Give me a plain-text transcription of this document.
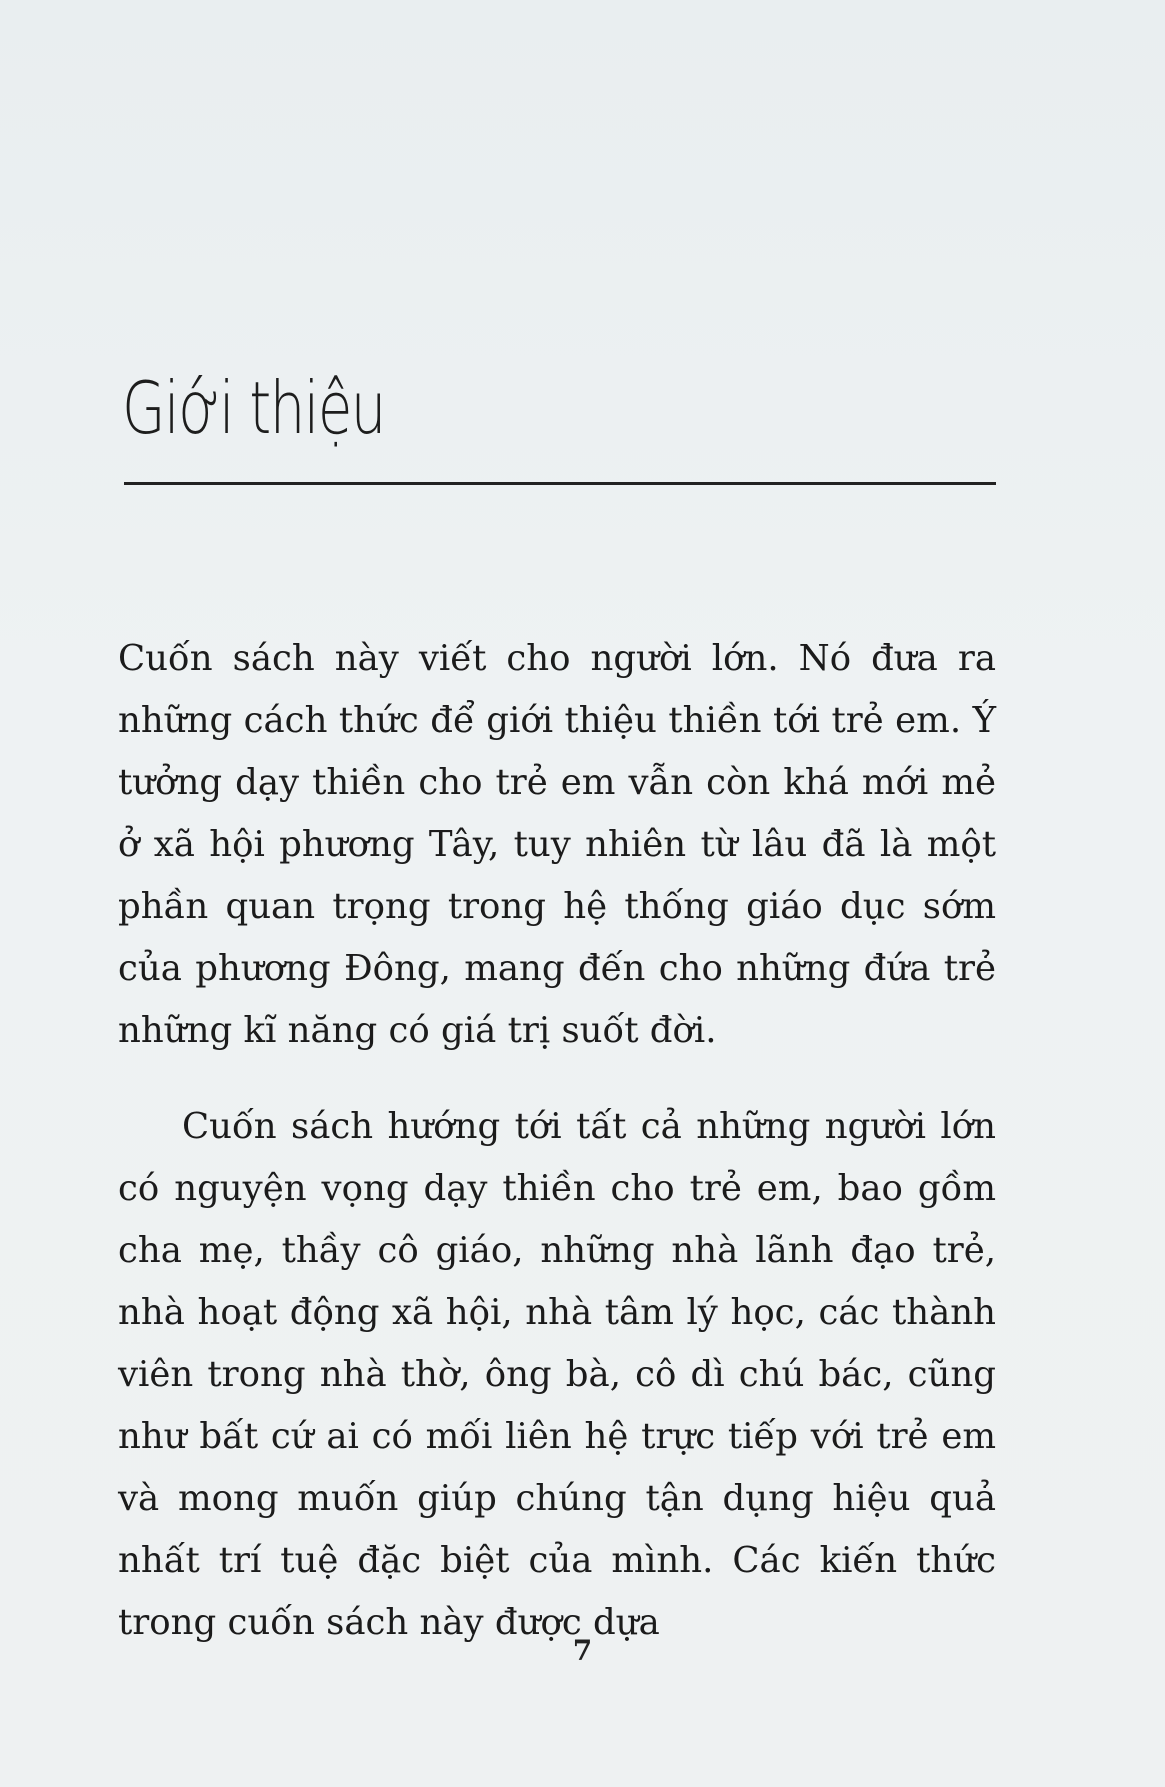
Giới thiệu

Cuốn sách này viết cho người lớn. Nó đưa ra những cách thức để giới thiệu thiền tới trẻ em. Ý tưởng dạy thiền cho trẻ em vẫn còn khá mới mẻ ở xã hội phương Tây, tuy nhiên từ lâu đã là một phần quan trọng trong hệ thống giáo dục sớm của phương Đông, mang đến cho những đứa trẻ những kĩ năng có giá trị suốt đời.

Cuốn sách hướng tới tất cả những người lớn có nguyện vọng dạy thiền cho trẻ em, bao gồm cha mẹ, thầy cô giáo, những nhà lãnh đạo trẻ, nhà hoạt động xã hội, nhà tâm lý học, các thành viên trong nhà thờ, ông bà, cô dì chú bác, cũng như bất cứ ai có mối liên hệ trực tiếp với trẻ em và mong muốn giúp chúng tận dụng hiệu quả nhất trí tuệ đặc biệt của mình. Các kiến thức trong cuốn sách này được dựa

7
